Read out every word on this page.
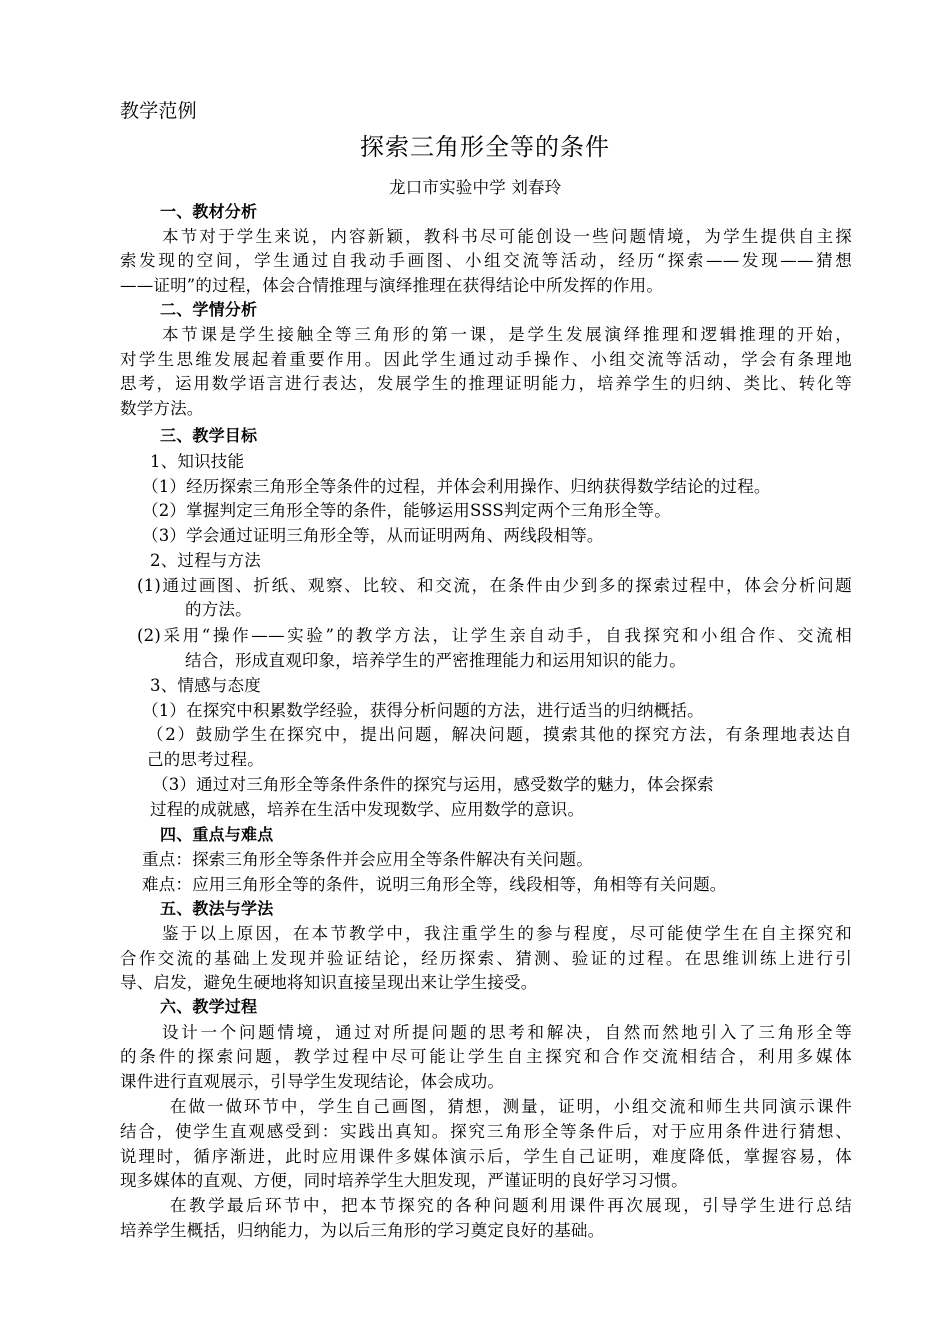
教学范例
探索三角形全等的条件
龙口市实验中学 刘春玲
一、教材分析
本节对于学生来说，内容新颖，教科书尽可能创设一些问题情境，为学生提供自主探
索发现的空间，学生通过自我动手画图、小组交流等活动，经历“探索——发现——猜想
——证明”的过程，体会合情推理与演绎推理在获得结论中所发挥的作用。
二、学情分析
本节课是学生接触全等三角形的第一课，是学生发展演绎推理和逻辑推理的开始，
对学生思维发展起着重要作用。因此学生通过动手操作、小组交流等活动，学会有条理地
思考，运用数学语言进行表达，发展学生的推理证明能力，培养学生的归纳、类比、转化等
数学方法。
三、教学目标
1、知识技能
（1）经历探索三角形全等条件的过程，并体会利用操作、归纳获得数学结论的过程。
（2）掌握判定三角形全等的条件，能够运用SSS判定两个三角形全等。
（3）学会通过证明三角形全等，从而证明两角、两线段相等。
2、过程与方法
(1)通过画图、折纸、观察、比较、和交流，在条件由少到多的探索过程中，体会分析问题
的方法。
(2)采用“操作——实验”的教学方法，让学生亲自动手，自我探究和小组合作、交流相
结合，形成直观印象，培养学生的严密推理能力和运用知识的能力。
3、情感与态度
（1）在探究中积累数学经验，获得分析问题的方法，进行适当的归纳概括。
（2）鼓励学生在探究中，提出问题，解决问题，摸索其他的探究方法，有条理地表达自
己的思考过程。
（3）通过对三角形全等条件条件的探究与运用，感受数学的魅力，体会探索
过程的成就感，培养在生活中发现数学、应用数学的意识。
四、重点与难点
重点：探索三角形全等条件并会应用全等条件解决有关问题。
难点：应用三角形全等的条件，说明三角形全等，线段相等，角相等有关问题。
五、教法与学法
鉴于以上原因，在本节教学中，我注重学生的参与程度，尽可能使学生在自主探究和
合作交流的基础上发现并验证结论，经历探索、猜测、验证的过程。在思维训练上进行引
导、启发，避免生硬地将知识直接呈现出来让学生接受。
六、教学过程
设计一个问题情境，通过对所提问题的思考和解决，自然而然地引入了三角形全等
的条件的探索问题，教学过程中尽可能让学生自主探究和合作交流相结合，利用多媒体
课件进行直观展示，引导学生发现结论，体会成功。
在做一做环节中，学生自己画图，猜想，测量，证明，小组交流和师生共同演示课件
结合，使学生直观感受到：实践出真知。探究三角形全等条件后，对于应用条件进行猜想、
说理时，循序渐进，此时应用课件多媒体演示后，学生自己证明，难度降低，掌握容易，体
现多媒体的直观、方便，同时培养学生大胆发现，严谨证明的良好学习习惯。
在教学最后环节中，把本节探究的各种问题利用课件再次展现，引导学生进行总结
培养学生概括，归纳能力，为以后三角形的学习奠定良好的基础。
